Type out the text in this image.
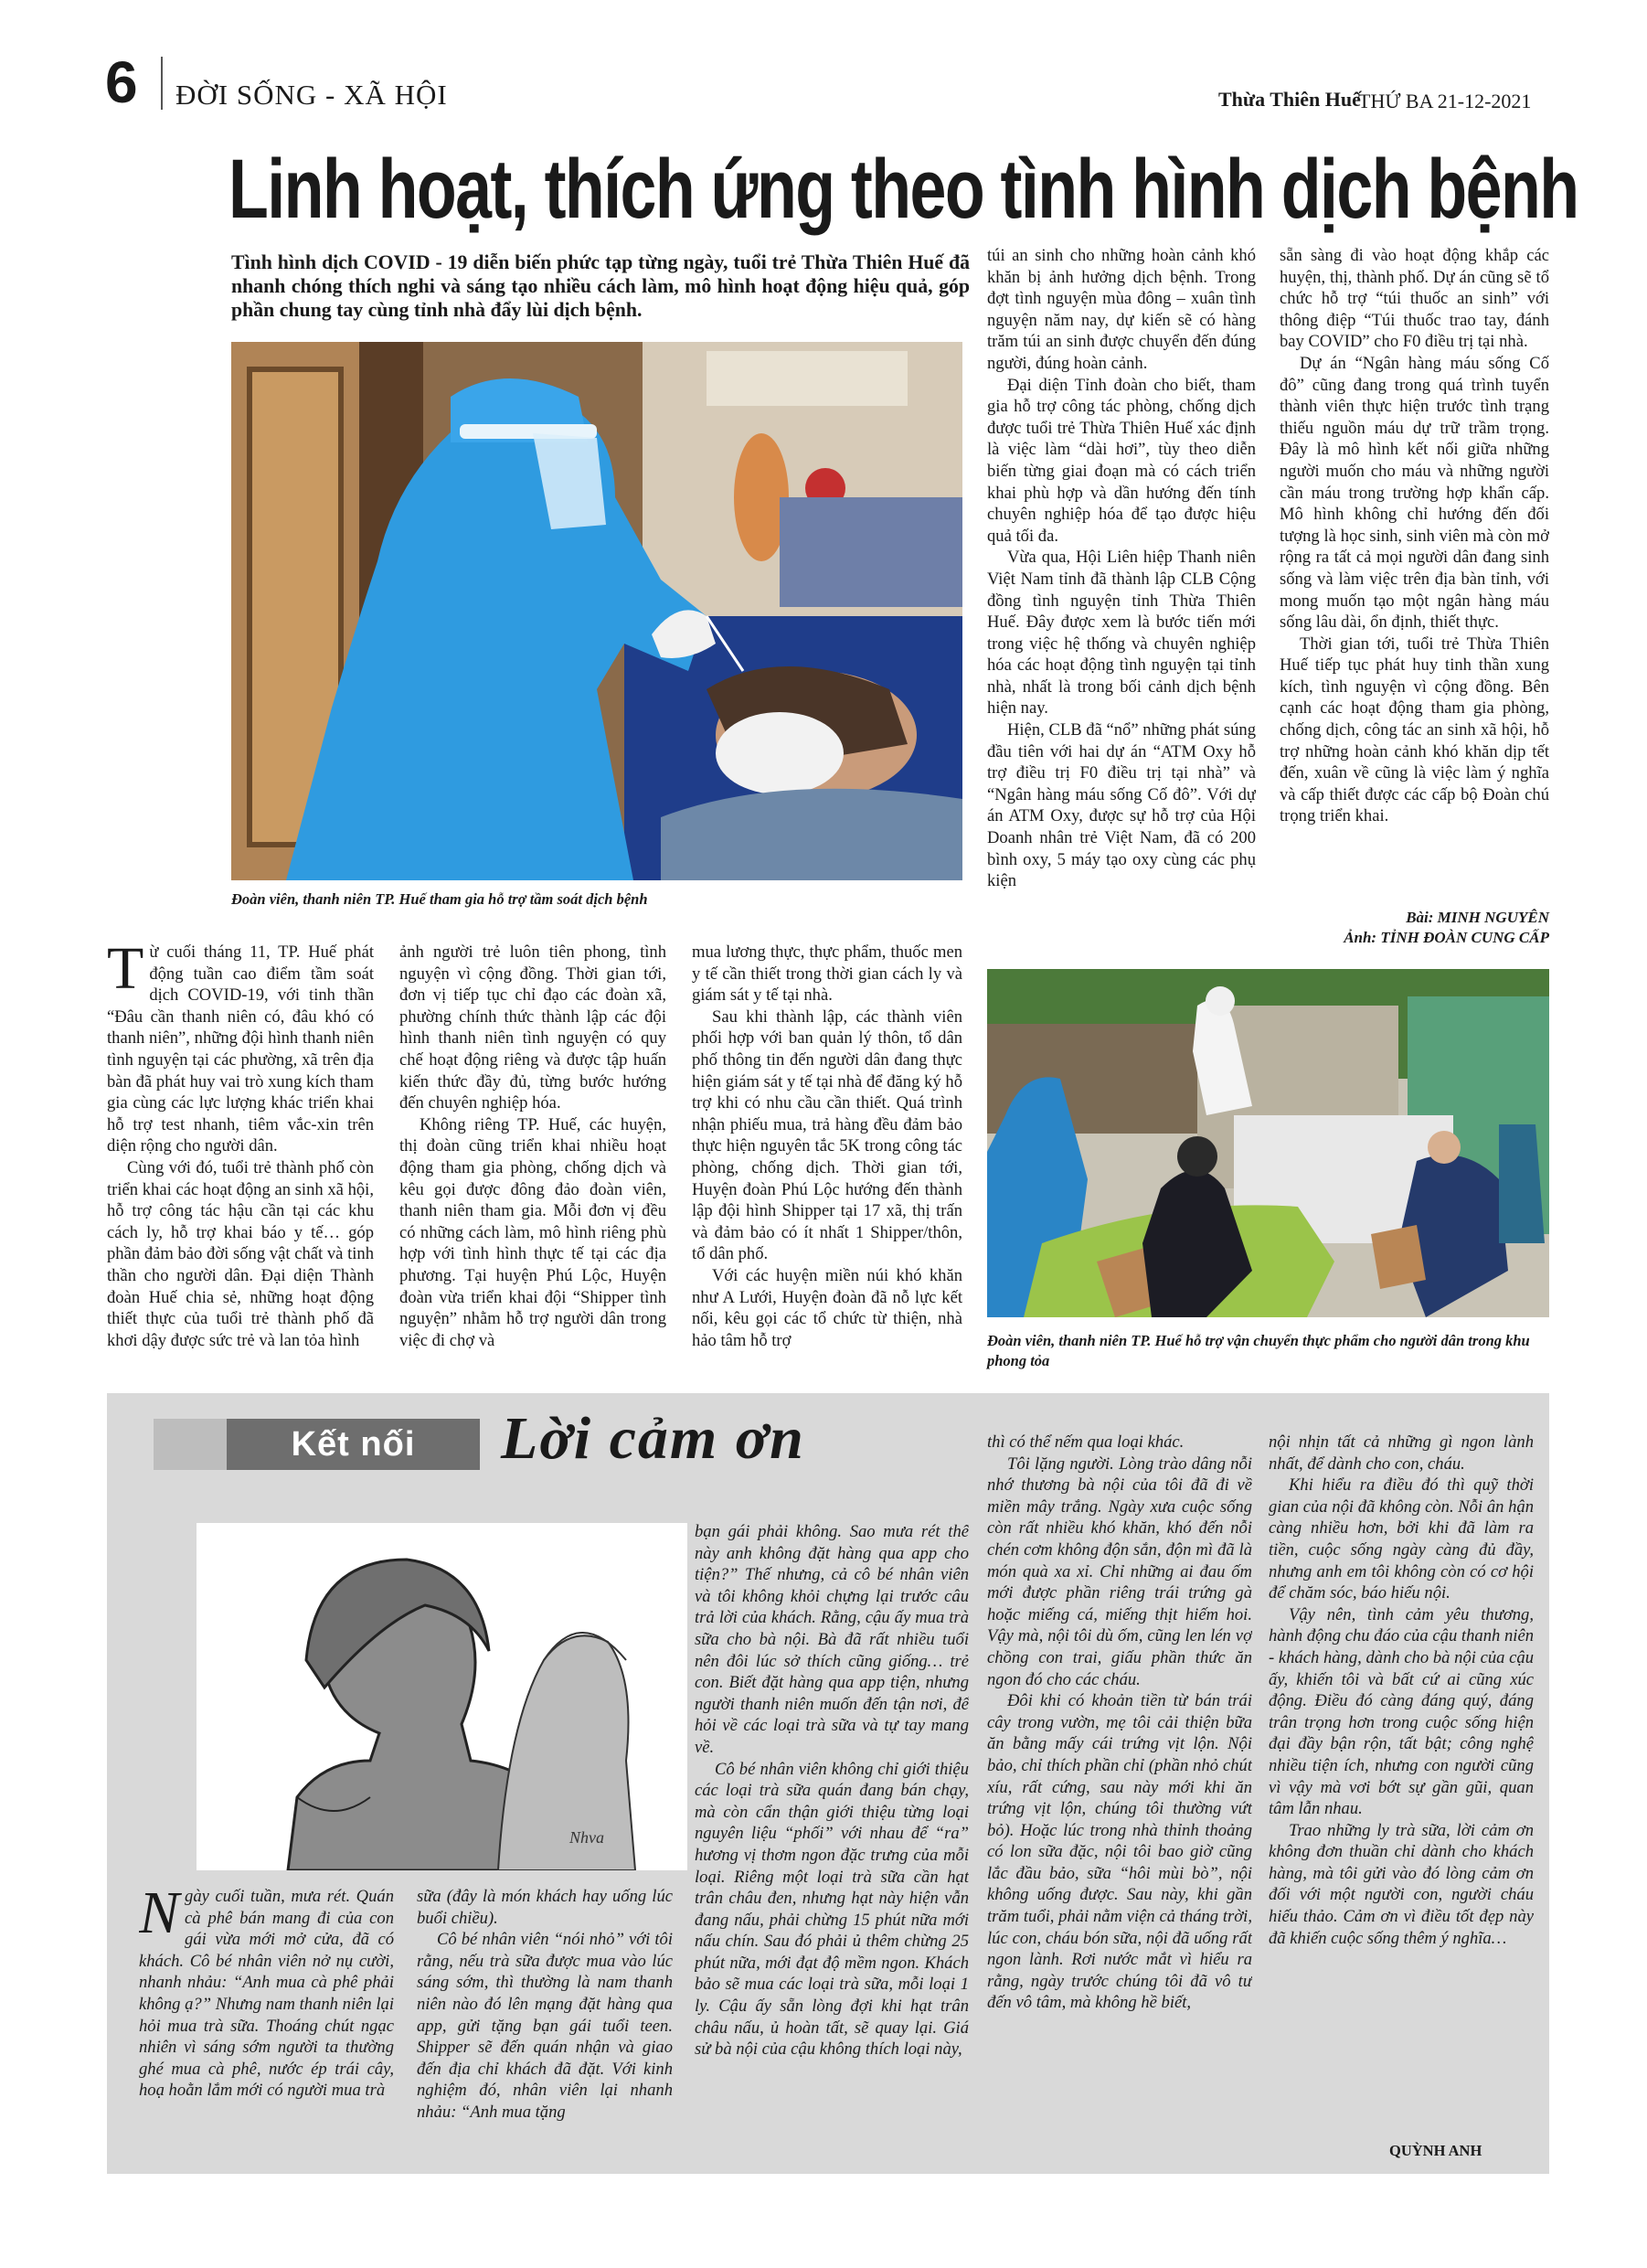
6 ĐỜI SỐNG - XÃ HỘI	Thừa Thiên Huế
THỨ BA 21-12-2021
Linh hoạt, thích ứng theo tình hình dịch bệnh
Tình hình dịch COVID - 19 diễn biến phức tạp từng ngày, tuổi trẻ Thừa Thiên Huế đã nhanh chóng thích nghi và sáng tạo nhiều cách làm, mô hình hoạt động hiệu quả, góp phần chung tay cùng tỉnh nhà đẩy lùi dịch bệnh.
Đoàn viên, thanh niên TP. Huế tham gia hỗ trợ tầm soát dịch bệnh

Từ cuối tháng 11, TP. Huế phát động tuần cao điểm tầm soát dịch COVID-19, với tinh thần “Đâu cần thanh niên có, đâu khó có thanh niên”, những đội hình thanh niên tình nguyện tại các phường, xã trên địa bàn đã phát huy vai trò xung kích tham gia cùng các lực lượng khác triển khai hỗ trợ test nhanh, tiêm vắc-xin trên diện rộng cho người dân.

Cùng với đó, tuổi trẻ thành phố còn triển khai các hoạt động an sinh xã hội, hỗ trợ công tác hậu cần tại các khu cách ly, hỗ trợ khai báo y tế… góp phần đảm bảo đời sống vật chất và tinh thần cho người dân. Đại diện Thành đoàn Huế chia sẻ, những hoạt động thiết thực của tuổi trẻ thành phố đã khơi dậy được sức trẻ và lan tỏa hình

ảnh người trẻ luôn tiên phong, tình nguyện vì cộng đồng. Thời gian tới, đơn vị tiếp tục chỉ đạo các đoàn xã, phường chính thức thành lập các đội hình thanh niên tình nguyện có quy chế hoạt động riêng và được tập huấn kiến thức đầy đủ, từng bước hướng đến chuyên nghiệp hóa.

Không riêng TP. Huế, các huyện, thị đoàn cũng triển khai nhiều hoạt động tham gia phòng, chống dịch và kêu gọi được đông đảo đoàn viên, thanh niên tham gia. Mỗi đơn vị đều có những cách làm, mô hình riêng phù hợp với tình hình thực tế tại các địa phương. Tại huyện Phú Lộc, Huyện đoàn vừa triển khai đội “Shipper tình nguyện” nhằm hỗ trợ người dân trong việc đi chợ và

mua lương thực, thực phẩm, thuốc men y tế cần thiết trong thời gian cách ly và giám sát y tế tại nhà.

Sau khi thành lập, các thành viên phối hợp với ban quản lý thôn, tổ dân phố thông tin đến người dân đang thực hiện giám sát y tế tại nhà để đăng ký hỗ trợ khi có nhu cầu cần thiết. Quá trình nhận phiếu mua, trả hàng đều đảm bảo thực hiện nguyên tắc 5K trong công tác phòng, chống dịch. Thời gian tới, Huyện đoàn Phú Lộc hướng đến thành lập đội hình Shipper tại 17 xã, thị trấn và đảm bảo có ít nhất 1 Shipper/thôn, tổ dân phố.

Với các huyện miền núi khó khăn như A Lưới, Huyện đoàn đã nỗ lực kết nối, kêu gọi các tổ chức từ thiện, nhà hảo tâm hỗ trợ

túi an sinh cho những hoàn cảnh khó khăn bị ảnh hưởng dịch bệnh. Trong đợt tình nguyện mùa đông – xuân tình nguyện năm nay, dự kiến sẽ có hàng trăm túi an sinh được chuyển đến đúng người, đúng hoàn cảnh.

Đại diện Tỉnh đoàn cho biết, tham gia hỗ trợ công tác phòng, chống dịch được tuổi trẻ Thừa Thiên Huế xác định là việc làm “dài hơi”, tùy theo diễn biến từng giai đoạn mà có cách triển khai phù hợp và dần hướng đến tính chuyên nghiệp hóa để tạo được hiệu quả tối đa.

Vừa qua, Hội Liên hiệp Thanh niên Việt Nam tỉnh đã thành lập CLB Cộng đồng tình nguyện tỉnh Thừa Thiên Huế. Đây được xem là bước tiến mới trong việc hệ thống và chuyên nghiệp hóa các hoạt động tình nguyện tại tỉnh nhà, nhất là trong bối cảnh dịch bệnh hiện nay.

Hiện, CLB đã “nổ” những phát súng đầu tiên với hai dự án “ATM Oxy hỗ trợ điều trị F0 điều trị tại nhà” và “Ngân hàng máu sống Cố đô”. Với dự án ATM Oxy, được sự hỗ trợ của Hội Doanh nhân trẻ Việt Nam, đã có 200 bình oxy, 5 máy tạo oxy cùng các phụ kiện

sẵn sàng đi vào hoạt động khắp các huyện, thị, thành phố. Dự án cũng sẽ tổ chức hỗ trợ “túi thuốc an sinh” với thông điệp “Túi thuốc trao tay, đánh bay COVID” cho F0 điều trị tại nhà.

Dự án “Ngân hàng máu sống Cố đô” cũng đang trong quá trình tuyển thành viên thực hiện trước tình trạng thiếu nguồn máu dự trữ trầm trọng. Đây là mô hình kết nối giữa những người muốn cho máu và những người cần máu trong trường hợp khẩn cấp. Mô hình không chỉ hướng đến đối tượng là học sinh, sinh viên mà còn mở rộng ra tất cả mọi người dân đang sinh sống và làm việc trên địa bàn tỉnh, với mong muốn tạo một ngân hàng máu sống lâu dài, ổn định, thiết thực.

Thời gian tới, tuổi trẻ Thừa Thiên Huế tiếp tục phát huy tinh thần xung kích, tình nguyện vì cộng đồng. Bên cạnh các hoạt động tham gia phòng, chống dịch, công tác an sinh xã hội, hỗ trợ những hoàn cảnh khó khăn dịp tết đến, xuân về cũng là việc làm ý nghĩa và cấp thiết được các cấp bộ Đoàn chú trọng triển khai.

Bài: MINH NGUYÊN
Ảnh: TỈNH ĐOÀN CUNG CẤP
Đoàn viên, thanh niên TP. Huế hỗ trợ vận chuyển thực phẩm cho người dân trong khu phong tỏa
Kết nối	Lời cảm ơn
Nhva

Ngày cuối tuần, mưa rét. Quán cà phê bán mang đi của con gái vừa mới mở cửa, đã có khách. Cô bé nhân viên nở nụ cười, nhanh nhảu: “Anh mua cà phê phải không ạ?” Nhưng nam thanh niên lại hỏi mua trà sữa. Thoáng chút ngạc nhiên vì sáng sớm người ta thường ghé mua cà phê, nước ép trái cây, hoạ hoằn lắm mới có người mua trà

sữa (đây là món khách hay uống lúc buổi chiều).

Cô bé nhân viên “nói nhỏ” với tôi rằng, nếu trà sữa được mua vào lúc sáng sớm, thì thường là nam thanh niên nào đó lên mạng đặt hàng qua app, gửi tặng bạn gái tuổi teen. Shipper sẽ đến quán nhận và giao đến địa chỉ khách đã đặt. Với kinh nghiệm đó, nhân viên lại nhanh nhảu: “Anh mua tặng

bạn gái phải không. Sao mưa rét thế này anh không đặt hàng qua app cho tiện?” Thế nhưng, cả cô bé nhân viên và tôi không khỏi chựng lại trước câu trả lời của khách. Rằng, cậu ấy mua trà sữa cho bà nội. Bà đã rất nhiều tuổi nên đôi lúc sở thích cũng giống… trẻ con. Biết đặt hàng qua app tiện, nhưng người thanh niên muốn đến tận nơi, để hỏi về các loại trà sữa và tự tay mang về.

Cô bé nhân viên không chỉ giới thiệu các loại trà sữa quán đang bán chạy, mà còn cẩn thận giới thiệu từng loại nguyên liệu “phối” với nhau để “ra” hương vị thơm ngon đặc trưng của mỗi loại. Riêng một loại trà sữa cần hạt trân châu đen, nhưng hạt này hiện vẫn đang nấu, phải chừng 15 phút nữa mới nấu chín. Sau đó phải ủ thêm chừng 25 phút nữa, mới đạt độ mềm ngon. Khách bảo sẽ mua các loại trà sữa, mỗi loại 1 ly. Cậu ấy sẵn lòng đợi khi hạt trân châu nấu, ủ hoàn tất, sẽ quay lại. Giá sử bà nội của cậu không thích loại này,

thì có thể nếm qua loại khác.

Tôi lặng người. Lòng trào dâng nỗi nhớ thương bà nội của tôi đã đi về miền mây trắng. Ngày xưa cuộc sống còn rất nhiều khó khăn, khó đến nỗi chén cơm không độn sắn, độn mì đã là món quà xa xỉ. Chỉ những ai đau ốm mới được phần riêng trái trứng gà hoặc miếng cá, miếng thịt hiếm hoi. Vậy mà, nội tôi dù ốm, cũng len lén vợ chồng con trai, giấu phần thức ăn ngon đó cho các cháu.

Đôi khi có khoản tiền từ bán trái cây trong vườn, mẹ tôi cải thiện bữa ăn bằng mấy cái trứng vịt lộn. Nội bảo, chỉ thích phần chỉ (phần nhỏ chút xíu, rất cứng, sau này mới khi ăn trứng vịt lộn, chúng tôi thường vứt bỏ). Hoặc lúc trong nhà thỉnh thoảng có lon sữa đặc, nội tôi bao giờ cũng lắc đầu bảo, sữa “hôi mùi bò”, nội không uống được. Sau này, khi gần trăm tuổi, phải nằm viện cả tháng trời, lúc con, cháu bón sữa, nội đã uống rất ngon lành. Rơi nước mắt vì hiểu ra rằng, ngày trước chúng tôi đã vô tư đến vô tâm, mà không hề biết,

nội nhịn tất cả những gì ngon lành nhất, để dành cho con, cháu.

Khi hiểu ra điều đó thì quỹ thời gian của nội đã không còn. Nỗi ân hận càng nhiều hơn, bởi khi đã làm ra tiền, cuộc sống ngày càng đủ đầy, nhưng anh em tôi không còn có cơ hội để chăm sóc, báo hiếu nội.

Vậy nên, tình cảm yêu thương, hành động chu đáo của cậu thanh niên - khách hàng, dành cho bà nội của cậu ấy, khiến tôi và bất cứ ai cũng xúc động. Điều đó càng đáng quý, đáng trân trọng hơn trong cuộc sống hiện đại đầy bận rộn, tất bật; công nghệ nhiều tiện ích, nhưng con người cũng vì vậy mà vơi bớt sự gần gũi, quan tâm lẫn nhau.

Trao những ly trà sữa, lời cảm ơn không đơn thuần chỉ dành cho khách hàng, mà tôi gửi vào đó lòng cảm ơn đối với một người con, người cháu hiếu thảo. Cảm ơn vì điều tốt đẹp này đã khiến cuộc sống thêm ý nghĩa…

QUỲNH ANH
